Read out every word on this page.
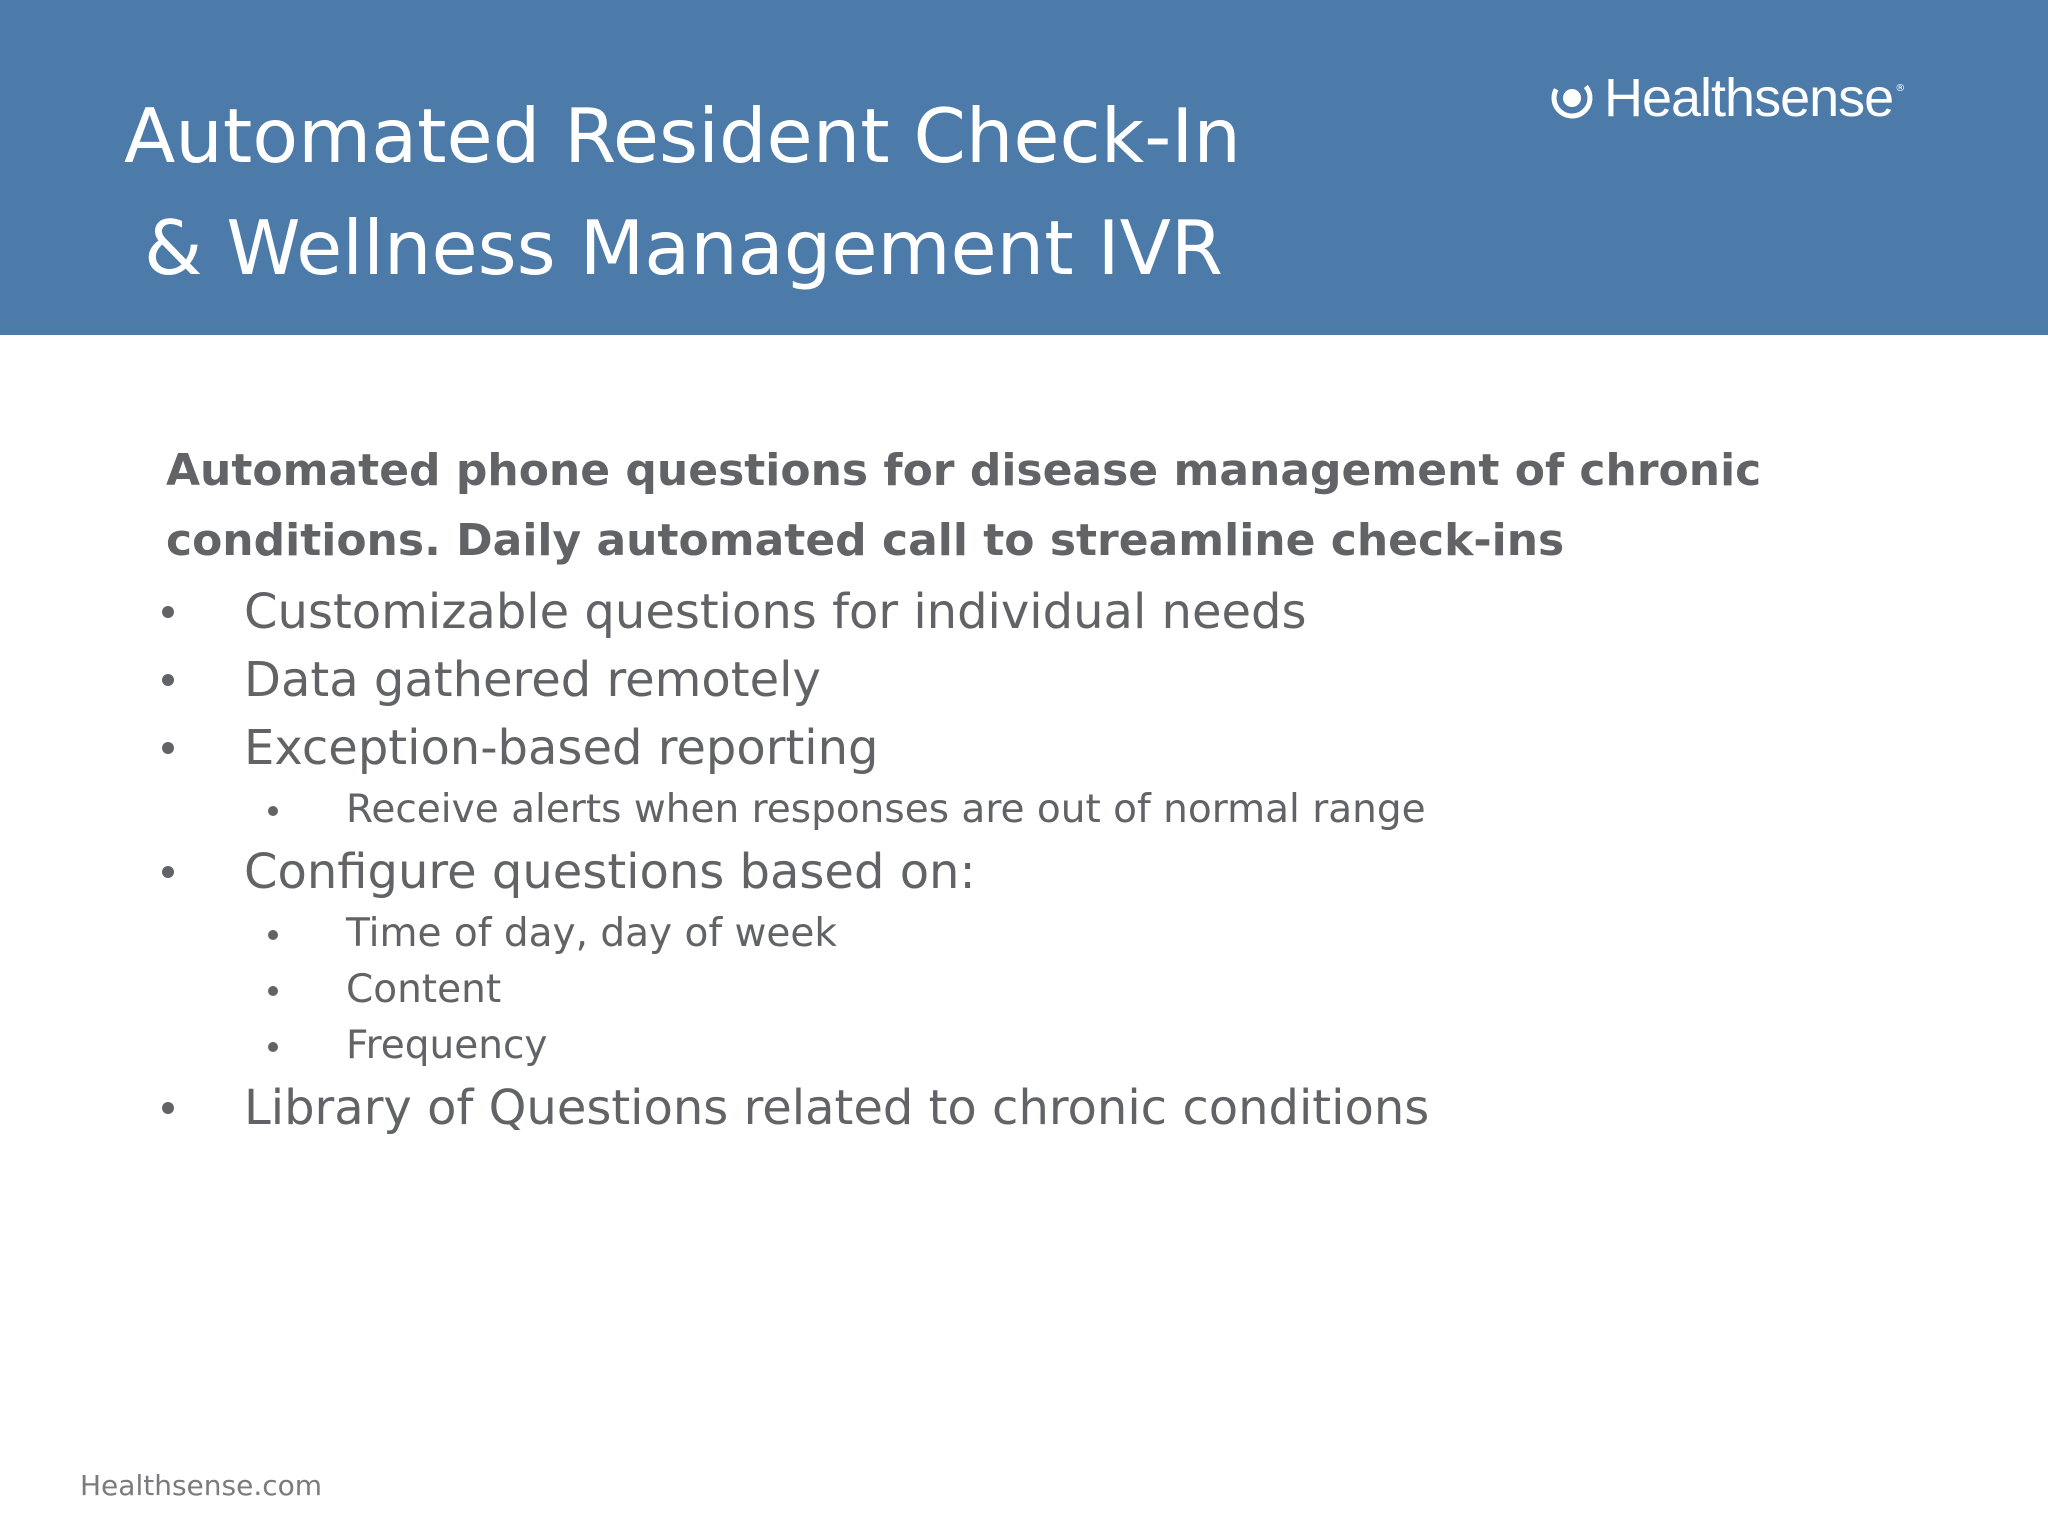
Automated Resident Check-In
& Wellness Management IVR
Healthsense ®
Automated phone questions for disease management of chronic
conditions. Daily automated call to streamline check-ins
Customizable questions for individual needs
Data gathered remotely
Exception-based reporting
Receive alerts when responses are out of normal range
Configure questions based on:
Time of day, day of week
Content
Frequency
Library of Questions related to chronic conditions
Healthsense.com
